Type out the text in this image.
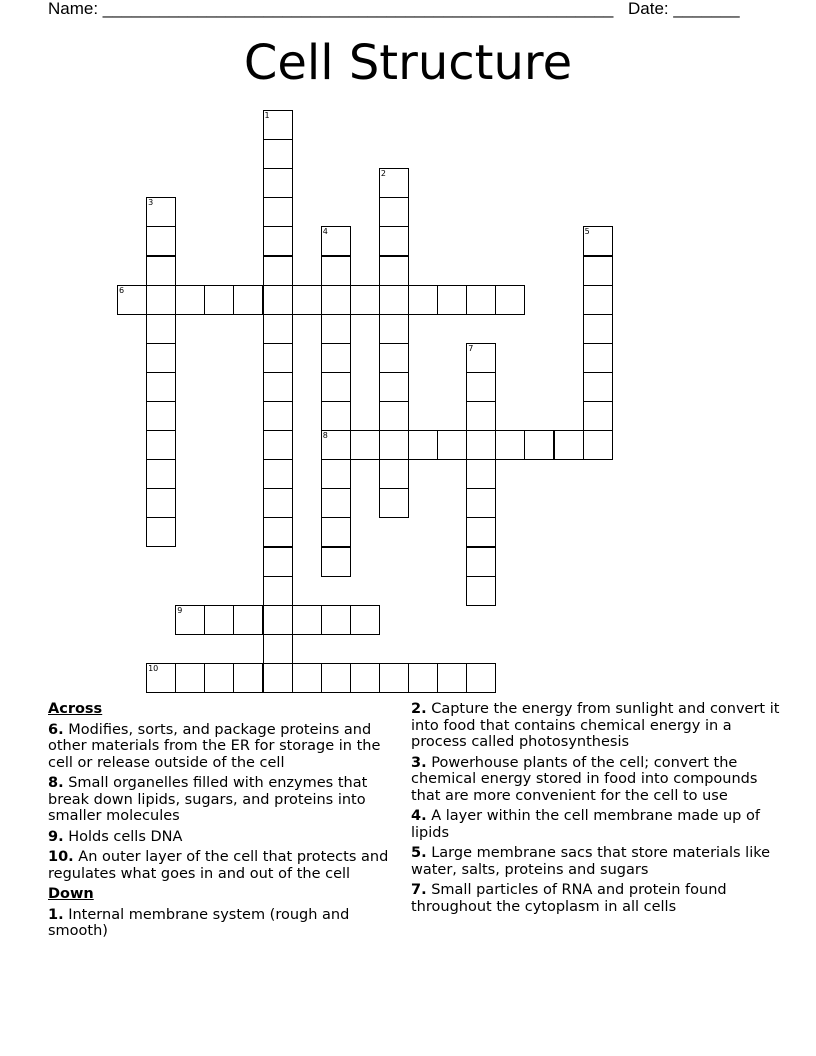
Name: ______________________________________________________ Date: _______
Cell Structure
1
2
3
4
8
5
6
7
9
10
Across
6. Modifies, sorts, and package proteins and other materials from the ER for storage in the cell or release outside of the cell
8. Small organelles filled with enzymes that break down lipids, sugars, and proteins into smaller molecules
9. Holds cells DNA
10. An outer layer of the cell that protects and regulates what goes in and out of the cell
Down
1. Internal membrane system (rough and smooth)
2. Capture the energy from sunlight and convert it into food that contains chemical energy in a process called photosynthesis
3. Powerhouse plants of the cell; convert the chemical energy stored in food into compounds that are more convenient for the cell to use
4. A layer within the cell membrane made up of lipids
5. Large membrane sacs that store materials like water, salts, proteins and sugars
7. Small particles of RNA and protein found throughout the cytoplasm in all cells
